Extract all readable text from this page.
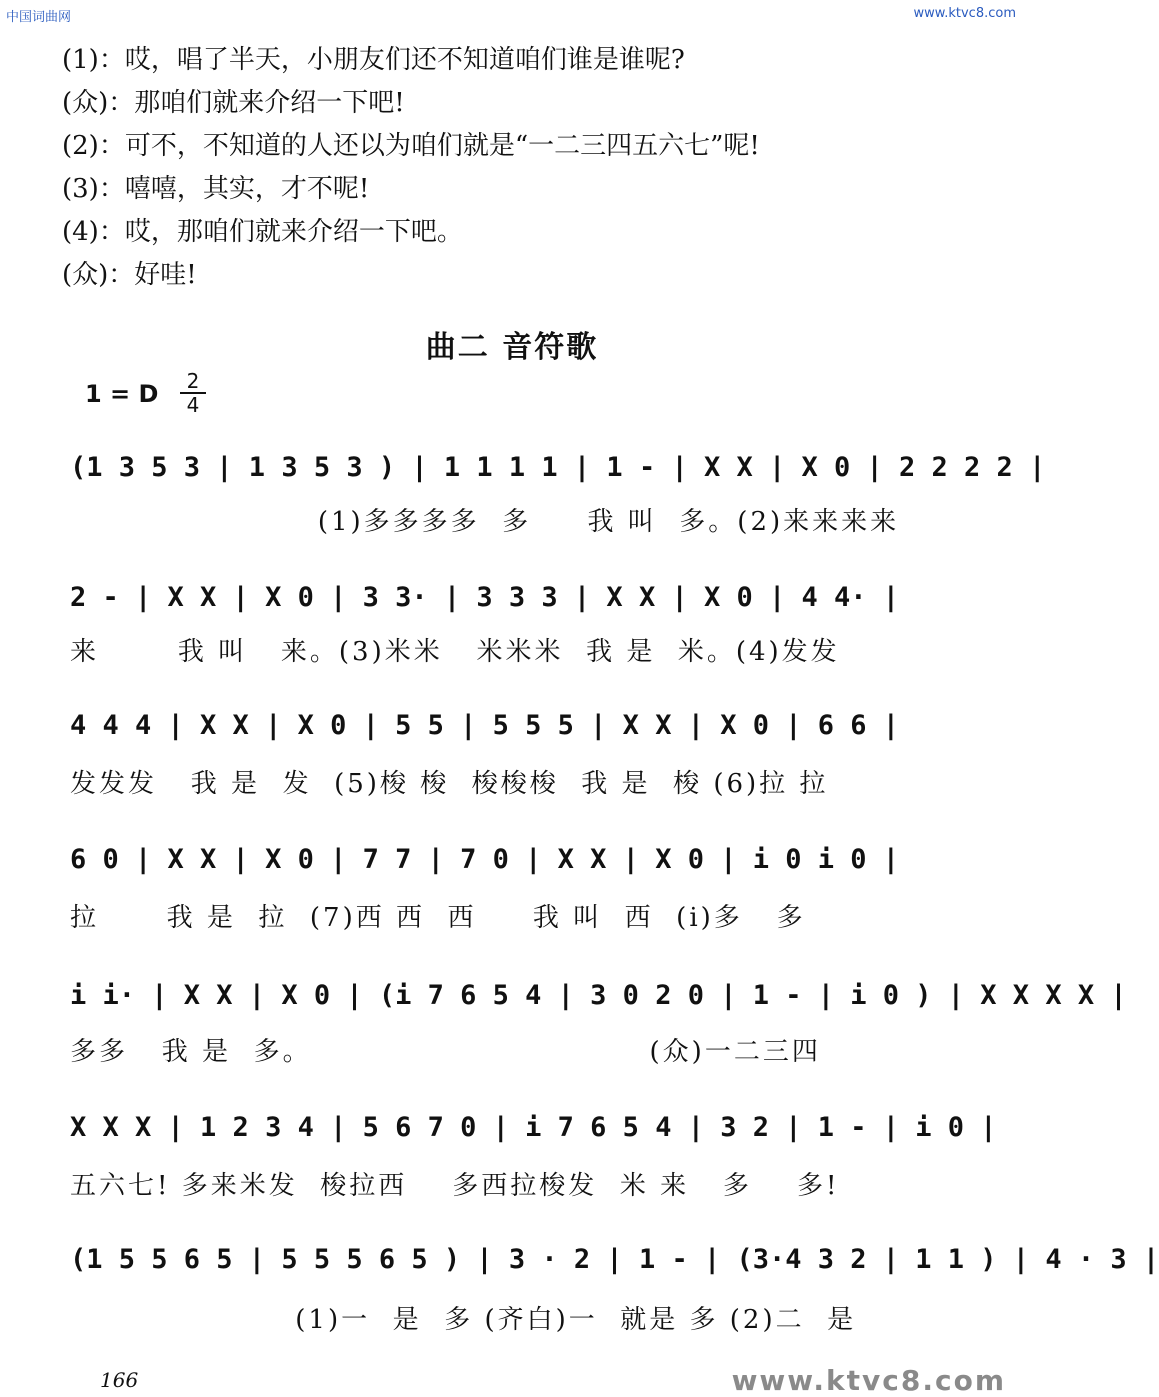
中国词曲网	www.ktvc8.com
(1)：哎，唱了半天，小朋友们还不知道咱们谁是谁呢?
(众)：那咱们就来介绍一下吧!
(2)：可不，不知道的人还以为咱们就是“一二三四五六七”呢!
(3)：嘻嘻，其实，才不呢!
(4)：哎，那咱们就来介绍一下吧。
(众)：好哇!
曲二 音符歌
1 = D	2
4
(1 3 5 3 | 1 3 5 3 ) | 1 1 1 1 | 1 - | X X | X 0 | 2 2 2 2 |
(1)多多多多  多     我 叫  多。(2)来来来来
2 - | X X | X 0 | 3 3· | 3 3 3 | X X | X 0 | 4 4· |
来       我 叫   来。(3)米米   米米米  我 是  米。(4)发发
4 4 4 | X X | X 0 | 5 5 | 5 5 5 | X X | X 0 | 6 6 |
发发发   我 是  发  (5)梭 梭  梭梭梭  我 是  梭 (6)拉 拉
6 0 | X X | X 0 | 7 7 | 7 0 | X X | X 0 | i 0 i 0 |
拉      我 是  拉  (7)西 西  西     我 叫  西  (i)多   多
i i· | X X | X 0 | (i 7 6 5 4 | 3 0 2 0 | 1 - | i 0 ) | X X X X |
多多   我 是  多。                              (众)一二三四
X X X | 1 2 3 4 | 5 6 7 0 | i 7 6 5 4 | 3 2 | 1 - | i 0 |
五六七! 多来米发  梭拉西    多西拉梭发  米 来   多    多!
(1 5 5 6 5 | 5 5 5 6 5 ) | 3 · 2 | 1 - | (3·4 3 2 | 1 1 ) | 4 · 3 |
(1)一  是  多 (齐白)一  就是 多 (2)二  是
166	www.ktvc8.com
